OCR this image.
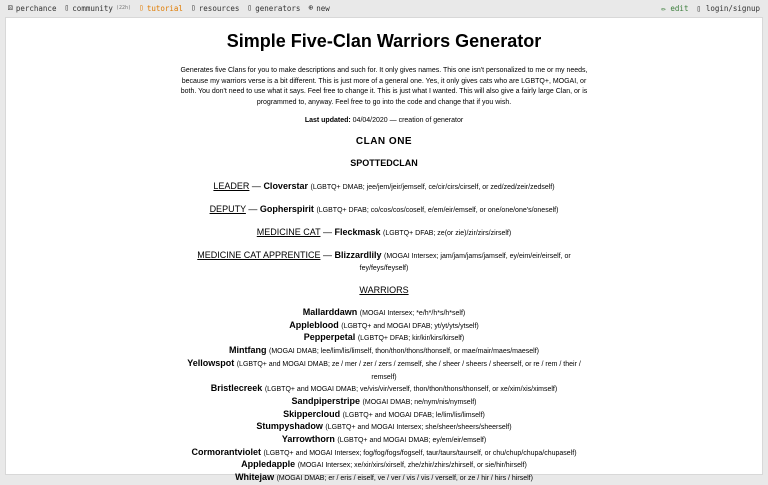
⚄ perchance ▯ community (22h) ▯ tutorial ▯ resources ▯ generators ⊕ new	✏ edit ▯ login/signup
Simple Five-Clan Warriors Generator

Generates five Clans for you to make descriptions and such for. It only gives names. This one isn't personalized to me or my needs, because my warriors verse is a bit different. This is just more of a general one. Yes, it only gives cats who are LGBTQ+, MOGAI, or both. You don't need to use what it says. Feel free to change it. This is just what I wanted. This will also give a fairly large Clan, or is programmed to, anyway. Feel free to go into the code and change that if you wish.

Last updated: 04/04/2020 — creation of generator

CLAN ONE
SPOTTEDCLAN
LEADER — Cloverstar (LGBTQ+ DMAB; jee/jem/jeir/jemself, ce/cir/cirs/cirself, or zed/zed/zeir/zedself)
DEPUTY — Gopherspirit (LGBTQ+ DFAB; co/cos/cos/coself, e/em/eir/emself, or one/one/one's/oneself)
MEDICINE CAT — Fleckmask (LGBTQ+ DFAB; ze(or zie)/zir/zirs/zirself)
MEDICINE CAT APPRENTICE — Blizzardlily (MOGAI Intersex; jam/jam/jams/jamself, ey/eim/eir/eirself, or fey/feys/feyself)
WARRIORS
Mallarddawn (MOGAI Intersex; *e/h*/h*s/h*self)
Appleblood (LGBTQ+ and MOGAI DFAB; yt/yt/yts/ytself)
Pepperpetal (LGBTQ+ DFAB; kir/kir/kirs/kirself)
Mintfang (MOGAI DMAB; lee/lim/lis/limself, thon/thon/thons/thonself, or mae/mair/maes/maeself)
Yellowspot (LGBTQ+ and MOGAI DMAB; ze / mer / zer / zers / zemself, she / sheer / sheers / sheerself, or re / rem / their / remself)
Bristlecreek (LGBTQ+ and MOGAI DMAB; ve/vis/vir/verself, thon/thon/thons/thonself, or xe/xim/xis/ximself)
Sandpiperstripe (MOGAI DMAB; ne/nym/nis/nymself)
Skippercloud (LGBTQ+ and MOGAI DFAB; le/lim/lis/limself)
Stumpyshadow (LGBTQ+ and MOGAI Intersex; she/sheer/sheers/sheerself)
Yarrowthorn (LGBTQ+ and MOGAI DMAB; ey/em/eir/emself)
Cormorantviolet (LGBTQ+ and MOGAI Intersex; fog/fog/fogs/fogself, taur/taurs/taurself, or chu/chup/chupa/chupaself)
Appledapple (MOGAI Intersex; xe/xir/xirs/xirself, zhe/zhir/zhirs/zhirself, or sie/hir/hirself)
Whitejaw (MOGAI DMAB; er / eris / eiself, ve / ver / vis / vis / verself, or ze / hir / hirs / hirself)
